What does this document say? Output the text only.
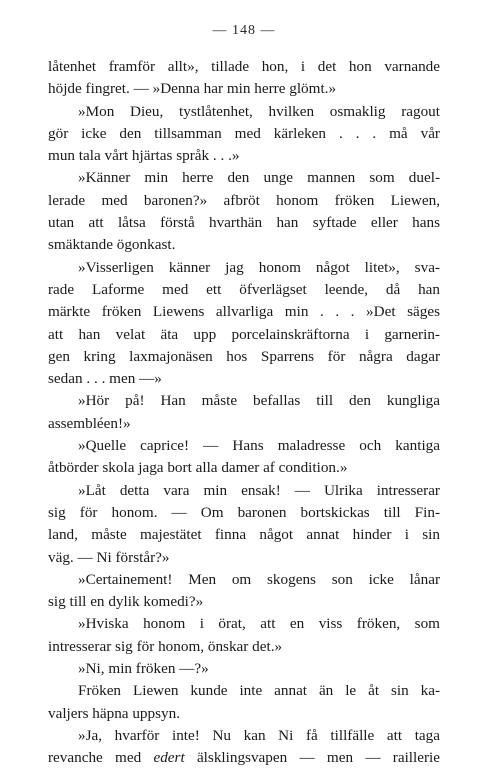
— 148 —
låtenhet framför allt», tillade hon, i det hon varnande
höjde fingret. — »Denna har min herre glömt.»
»Mon Dieu, tystlåtenhet, hvilken osmaklig ragout
gör icke den tillsamman med kärleken . . . må vår
mun tala vårt hjärtas språk . . .»
»Känner min herre den unge mannen som duel-
lerade med baronen?» afbröt honom fröken Liewen,
utan att låtsa förstå hvarthän han syftade eller hans
smäktande ögonkast.
»Visserligen känner jag honom något litet», sva-
rade Laforme med ett öfverlägset leende, då han
märkte fröken Liewens allvarliga min . . . »Det säges
att han velat äta upp porcelainskräftorna i garnerin-
gen kring laxmajonäsen hos Sparrens för några dagar
sedan . . . men —»
»Hör på! Han måste befallas till den kungliga
assembléen!»
»Quelle caprice! — Hans maladresse och kantiga
åtbörder skola jaga bort alla damer af condition.»
»Låt detta vara min ensak! — Ulrika intresserar
sig för honom. — Om baronen bortskickas till Fin-
land, måste majestätet finna något annat hinder i sin
väg. — Ni förstår?»
»Certainement! Men om skogens son icke lånar
sig till en dylik komedi?»
»Hviska honom i örat, att en viss fröken, som
intresserar sig för honom, önskar det.»
»Ni, min fröken —?»
Fröken Liewen kunde inte annat än le åt sin ka-
valjers häpna uppsyn.
»Ja, hvarför inte! Nu kan Ni få tillfälle att taga
revanche med edert älsklingsvapen — men — raillerie
